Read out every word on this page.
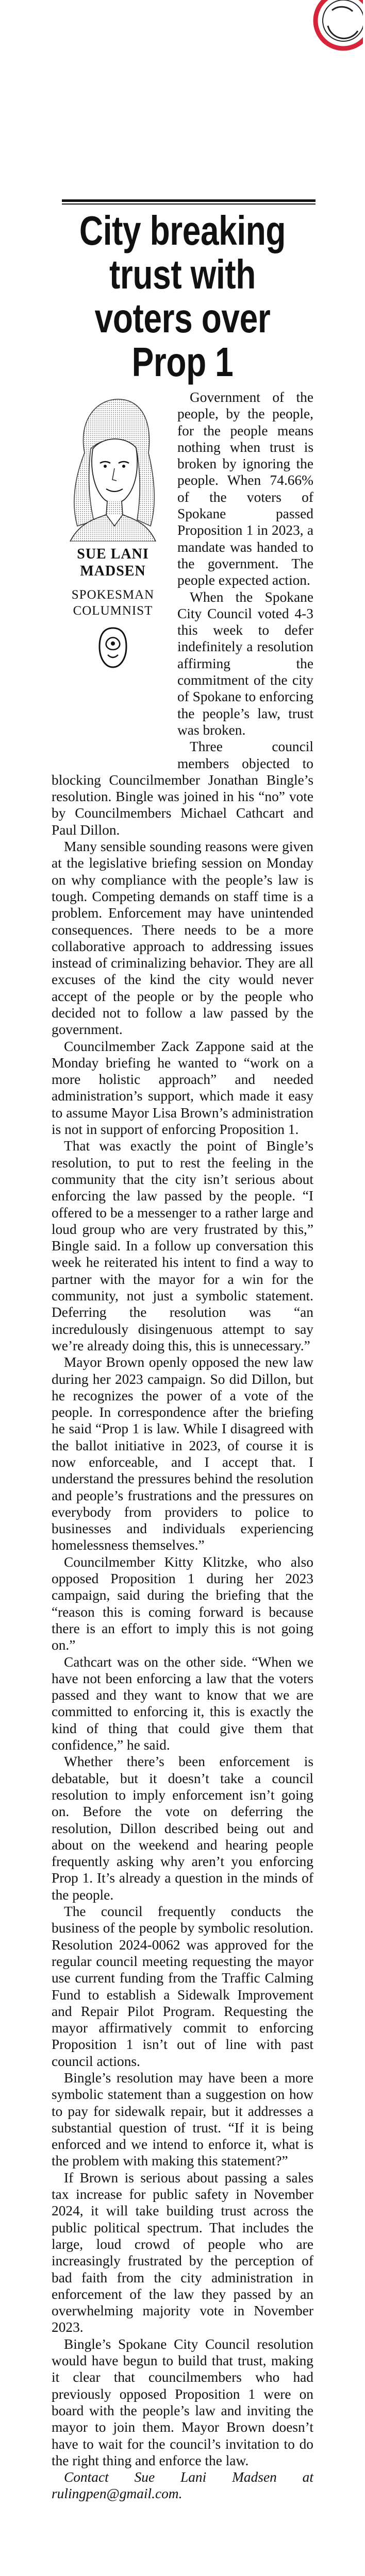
City breaking trust with voters over Prop 1
SUE LANI MADSEN
SPOKESMAN COLUMNIST

Government of the people, by the people, for the people means nothing when trust is broken by ignoring the people. When 74.66% of the voters of Spokane passed Proposition 1 in 2023, a mandate was handed to the government. The people expected action.

When the Spokane City Council voted 4-3 this week to defer indefinitely a resolution affirming the commitment of the city of Spokane to enforcing the people’s law, trust was broken.

Three council members objected to blocking Councilmember Jonathan Bingle’s resolution. Bingle was joined in his “no” vote by Councilmembers Michael Cathcart and Paul Dillon.

Many sensible sounding reasons were given at the legislative briefing session on Monday on why compliance with the people’s law is tough. Competing demands on staff time is a problem. Enforcement may have unintended consequences. There needs to be a more collaborative approach to addressing issues instead of criminalizing behavior. They are all excuses of the kind the city would never accept of the people or by the people who decided not to follow a law passed by the government.

Councilmember Zack Zappone said at the Monday briefing he wanted to “work on a more holistic approach” and needed administration’s support, which made it easy to assume Mayor Lisa Brown’s administration is not in support of enforcing Proposition 1.

That was exactly the point of Bingle’s resolution, to put to rest the feeling in the community that the city isn’t serious about enforcing the law passed by the people. “I offered to be a messenger to a rather large and loud group who are very frustrated by this,” Bingle said. In a follow up conversation this week he reiterated his intent to find a way to partner with the mayor for a win for the community, not just a symbolic statement. Deferring the resolution was “an incredulously disingenuous attempt to say we’re already doing this, this is unnecessary.”

Mayor Brown openly opposed the new law during her 2023 campaign. So did Dillon, but he recognizes the power of a vote of the people. In correspondence after the briefing he said “Prop 1 is law. While I disagreed with the ballot initiative in 2023, of course it is now enforceable, and I accept that. I understand the pressures behind the resolution and people’s frustrations and the pressures on everybody from providers to police to businesses and individuals experiencing homelessness themselves.”

Councilmember Kitty Klitzke, who also opposed Proposition 1 during her 2023 campaign, said during the briefing that the “reason this is coming forward is because there is an effort to imply this is not going on.”

Cathcart was on the other side. “When we have not been enforcing a law that the voters passed and they want to know that we are committed to enforcing it, this is exactly the kind of thing that could give them that confidence,” he said.

Whether there’s been enforcement is debatable, but it doesn’t take a council resolution to imply enforcement isn’t going on. Before the vote on deferring the resolution, Dillon described being out and about on the weekend and hearing people frequently asking why aren’t you enforcing Prop 1. It’s already a question in the minds of the people.

The council frequently conducts the business of the people by symbolic resolution. Resolution 2024-0062 was approved for the regular council meeting requesting the mayor use current funding from the Traffic Calming Fund to establish a Sidewalk Improvement and Repair Pilot Program. Requesting the mayor affirmatively commit to enforcing Proposition 1 isn’t out of line with past council actions.

Bingle’s resolution may have been a more symbolic statement than a suggestion on how to pay for sidewalk repair, but it addresses a substantial question of trust. “If it is being enforced and we intend to enforce it, what is the problem with making this statement?”

If Brown is serious about passing a sales tax increase for public safety in November 2024, it will take building trust across the public political spectrum. That includes the large, loud crowd of people who are increasingly frustrated by the perception of bad faith from the city administration in enforcement of the law they passed by an overwhelming majority vote in November 2023.

Bingle’s Spokane City Council resolution would have begun to build that trust, making it clear that councilmembers who had previously opposed Proposition 1 were on board with the people’s law and inviting the mayor to join them. Mayor Brown doesn’t have to wait for the council’s invitation to do the right thing and enforce the law.

Contact Sue Lani Madsen at rulingpen@gmail.com.
